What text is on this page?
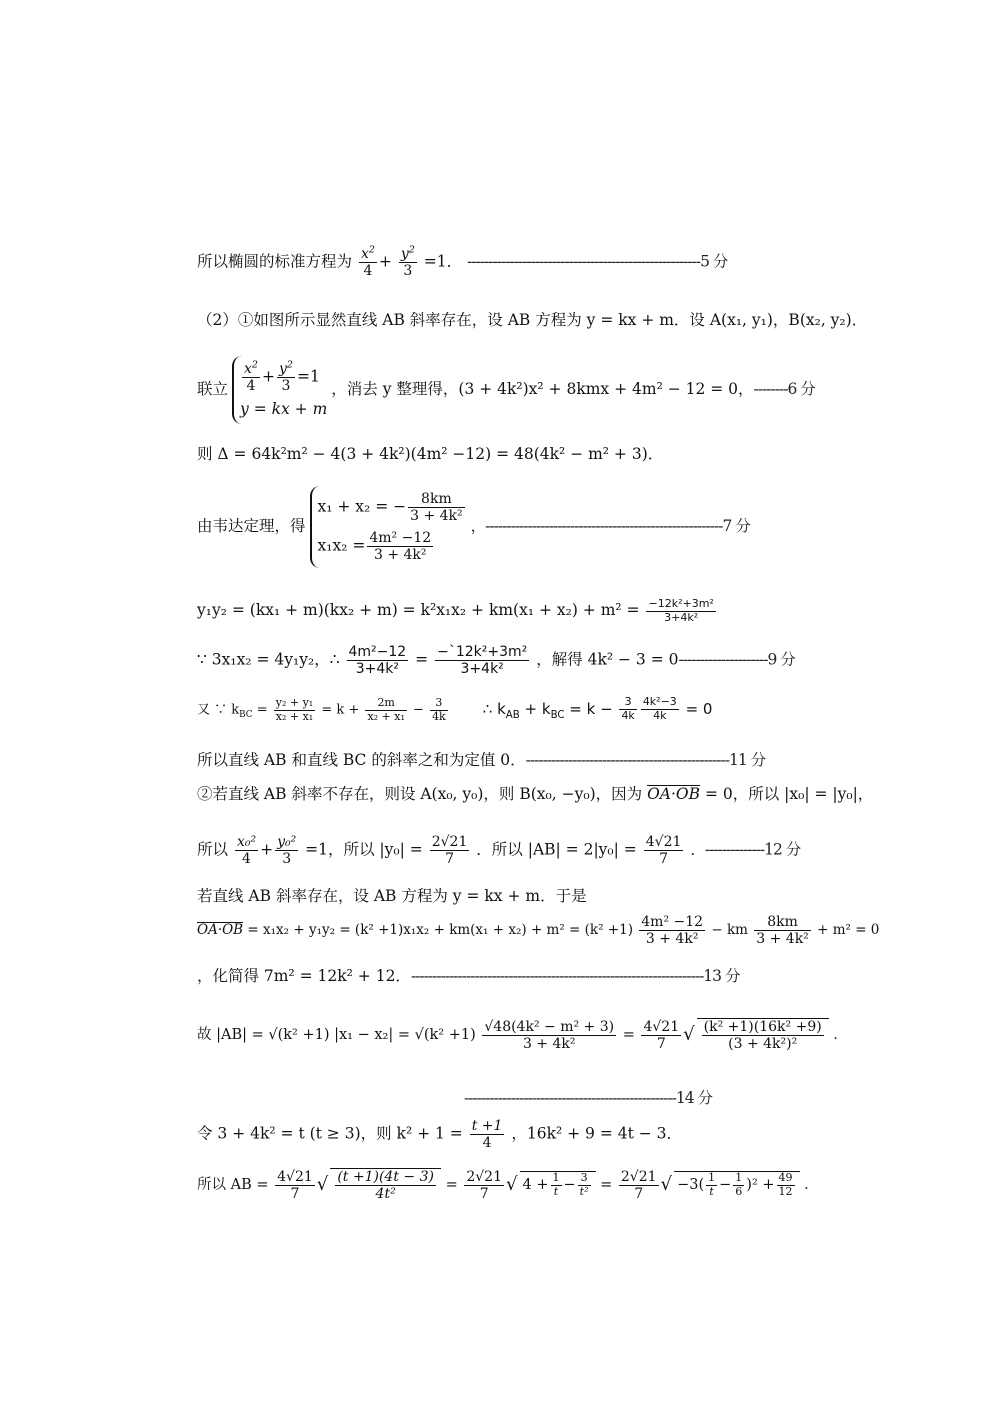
所以椭圆的标准方程为 $\frac{x^2}{4} + \frac{y^2}{3} =1$． -------------------------------------------------------5 分
（2）①如图所示显然直线 AB 斜率存在，设 AB 方程为 y = kx + m．设 A(x₁, y₁)，B(x₂, y₂)．
联立 $\frac{x^2}{4} + \frac{y^2}{3} =1$
y = kx + m
，消去 y 整理得，(3 + 4k²)x² + 8kmx + 4m² − 12 = 0，--------6 分
则 Δ = 64k²m² − 4(3 + 4k²)(4m² −12) = 48(4k² − m² + 3)．
由韦达定理，得
x₁ + x₂ = − $\frac{8km}{\text{3 + 4k²}}$
$x_1x_2 = \frac{\text{4m² −12}}{\text{3 + 4k²}}$
，--------------------------------------------------------7 分
$y_1y_2 = (kx_1 + m)(kx_2 + m) = k^2x_1x_2 + km(x_1 + x_2) + m^2 = \frac{\text{−12k²+3m²}}{\text{3+4k²}}$
∵ 3x₁x₂ = 4y₁y₂，∴ $\frac{\text{4m²−12}}{\text{3+4k²}} = \frac{\text{−`12k²+3m²}}{\text{3+4k²}}$ ，解得 4k² − 3 = 0---------------------9 分
又 ∵ $k_{BC} = \frac{\text{y₂ + y₁}}{\text{x₂ + x₁}} = k + \frac{2m}{\text{x₂ + x₁}} - \frac{3}{4k}$ ∴ $k_{AB} + k_{BC} = k - \frac{3}{4k} \frac{\text{4k²−3}}{4k} = 0$
所以直线 AB 和直线 BC 的斜率之和为定值 0．------------------------------------------------11 分
②若直线 AB 斜率不存在，则设 A(x₀, y₀)，则 B(x₀, −y₀)，因为 OA·OB = 0，所以 |x₀| = |y₀|，
所以 $\frac{\text{x₀²}}{4} + \frac{\text{y₀²}}{3} =1$，所以 $|y_0| = \frac{2√21}{7}$ ．所以 $|AB| = 2|y_0| = \frac{4√21}{7}$ ．--------------12 分
若直线 AB 斜率存在，设 AB 方程为 y = kx + m．于是
$OA\cdot OB = x_1x_2 + y_1y_2 = (k^2 +1)x_1x_2 + km(x_1 + x_2) + m^2 = (k^2 +1) \frac{\text{4m² −12}}{\text{3 + 4k²}}$ − km $\frac{8km}{\text{3 + 4k²}} + m^2 = 0$
，化简得 7m² = 12k² + 12．---------------------------------------------------------------------13 分
故 |AB| = √(k² +1) $|x_1 - x_2| = √(k^2 +1) \frac{\text{√48(4k² − m² + 3)}}{\text{3 + 4k²}} = \frac{4√21}{7}$ √ $\frac{\text{(k² +1)(16k² +9)}}{\text{(3 + 4k²)²}}$ ．
--------------------------------------------------14 分
令 3 + 4k² = t (t ≥ 3)，则 $k^2 + 1 = \frac{t +1}{4}$ ，16k² + 9 = 4t − 3．
所以 AB = $\frac{4√21}{7}$ √ $\frac{(t +1)(4t - 3)}{\text{4t²}} = \frac{2√21}{7}$ √ $4 + \frac{1}{t} - \frac{3}{\text{t²}} = \frac{2√21}{7}$ √ $-3( \frac{1}{t} - \frac{1}{6} )^2 + \frac{49}{12}$ ．
